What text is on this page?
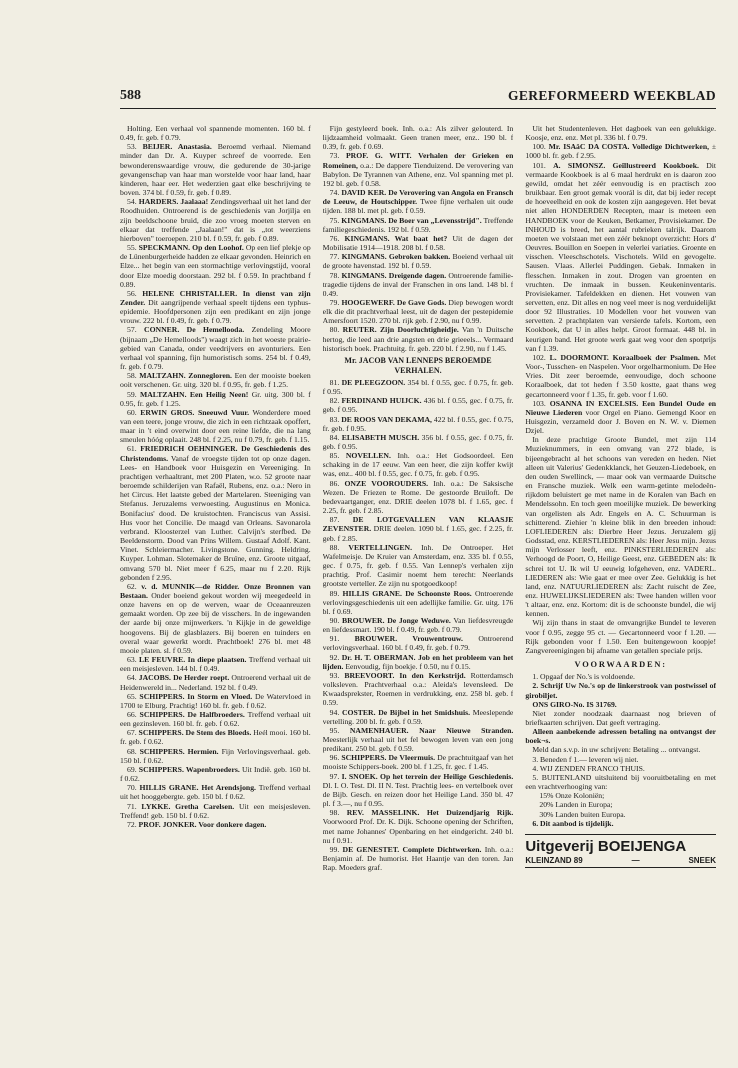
588	GEREFORMEERD WEEKBLAD

Holting. Een verhaal vol spannende momenten. 160 bl. f 0.49, fr. geb. f 0.79.

53. BEIJER. Anastasia. Beroemd verhaal. Niemand minder dan Dr. A. Kuyper schreef de voorrede. Een bewonderenswaardige vrouw, die gedurende de 30-jarige gevangenschap van haar man worstelde voor haar land, haar kinderen, haar eer. Het wederzien gaat elke beschrijving te boven. 374 bl. f 0.59, fr. geb. f 0.89.

54. HARDERS. Jaalaaa! Zendingsverhaal uit het land der Roodhuiden. Ontroerend is de geschiedenis van Jorjilja en zijn beeldschoone bruid, die zoo vroeg moeten sterven en elkaar dat treffende „Jaalaan!" dat is „tot weerziens hierboven" toeroepen. 210 bl. f 0.59, fr. geb. f 0.89.

55. SPECKMANN. Op den Loohof. Op een lief plekje op de Lünenburgerheide hadden ze elkaar gevonden. Heinrich en Elze... het begin van een stormachtige verlovingstijd, vooral door Elze moedig doorstaan. 292 bl. f 0.59. In prachtband f 0.89.

56. HELENE CHRISTALLER. In dienst van zijn Zender. Dit aangrijpende verhaal speelt tijdens een typhus-epidemie. Hoofdpersonen zijn een predikant en zijn jonge vrouw. 222 bl. f 0.49, fr. geb. f 0.79.

57. CONNER. De Hemellooda. Zendeling Moore (bijnaam „De Hemelloods") waagt zich in het woeste prairie-gebied van Canada, onder veedrijvers en avonturiers. Een verhaal vol spanning, fijn humoristisch soms. 254 bl. f 0.49, fr. geb. f 0.79.

58. MALTZAHN. Zonnegloren. Een der mooiste boeken ooit verschenen. Gr. uitg. 320 bl. f 0.95, fr. geb. f 1.25.

59. MALTZAHN. Een Heilig Neen! Gr. uitg. 300 bl. f 0.95, fr. geb. f 1.25.

60. ERWIN GROS. Sneeuwd Vuur. Wonderdere moed van een teere, jonge vrouw, die zich in een richtzaak opoffert, maar in 't eind overwint door een reine liefde, die na lang smeulen hóóg oplaait. 248 bl. f 2.25, nu f 0.79, fr. geb. f 1.15.

61. FRIEDRICH OEHNINGER. De Geschiedenis des Christendoms. Vanaf de vroegste tijden tot op onze dagen. Lees- en Handboek voor Huisgezin en Vereeniging. In prachtigen verhaaltrant, met 200 Platen, w.o. 52 groote naar beroemde schilderijen van Rafaël, Rubens, enz. o.a.: Nero in het Circus. Het laatste gebed der Martelaren. Steeniging van Stefanus. Jeruzalems verwoesting. Augustinus en Monica. Bonifacius' dood. De kruistochten. Franciscus van Assisi. Hus voor het Concilie. De maagd van Orleans. Savonarola verbrand. Kloosterzel van Luther. Calvijn's sterfbed. De Beeldenstorm. Dood van Prins Willem. Gustaaf Adolf. Kant. Vinet. Schleiermacher. Livingstone. Gunning. Heldring. Kuyper. Lohman. Slotemaker de Bruïne, enz. Groote uitgaaf, omvang 570 bl. Niet meer f 6.25, maar nu f 2.20. Rijk gebonden f 2.95.

62. v. d. MUNNIK—de Ridder. Onze Bronnen van Bestaan. Onder boeiend gekout worden wij meegedeeld in onze havens en op de werven, waar de Oceaanreuzen gemaakt worden. Op zee bij de visschers. In de ingewanden der aarde bij onze mijnwerkers. 'n Kijkje in de geweldige hoogovens. Bij de glasblazers. Bij boeren en tuinders en overal waar gewerkt wordt. Prachtboek! 276 bl. met 48 mooie platen. sl. f 0.59.

63. LE FEUVRE. In diepe plaatsen. Treffend verhaal uit een meisjesleven. 144 bl. f 0.49.

64. JACOBS. De Herder roept. Ontroerend verhaal uit de Heidenwereld in... Nederland. 192 bl. f 0.49.

65. SCHIPPERS. In Storm en Vloed. De Watervloed in 1700 te Elburg. Prachtig! 160 bl. fr. geb. f 0.62.

66. SCHIPPERS. De Halfbroeders. Treffend verhaal uit een gezinsleven. 160 bl. fr. geb. f 0.62.

67. SCHIPPERS. De Stem des Bloeds. Heél mooi. 160 bl. fr. geb. f 0.62.

68. SCHIPPERS. Hermien. Fijn Verlovingsverhaal. geb. 150 bl. f 0.62.

69. SCHIPPERS. Wapenbroeders. Uit Indië. geb. 160 bl. f 0.62.

70. HILLIS GRANE. Het Arendsjong. Treffend verhaal uit het hooggebergte. geb. 150 bl. f 0.62.

71. LYKKE. Gretha Carelsen. Uit een meisjesleven. Treffend! geb. 150 bl. f 0.62.

72. PROF. JONKER. Voor donkere dagen.

Fijn gestyleerd boek. Inh. o.a.: Als zilver gelouterd. In lijdzaamheid volmaakt. Geen tranen meer, enz.. 190 bl. f 0.39, fr. geb. f 0.69.

73. PROF. G. WITT. Verhalen der Grieken en Romeinen, o.a.: De dappere Tienduizend. De verovering van Babylon. De Tyrannen van Athene, enz. Vol spanning met pl. 192 bl. geb. f 0.58.

74. DAVID KER. De Verovering van Angola en Fransch de Leeuw, de Houtschipper. Twee fijne verhalen uit oude tijden. 188 bl. met pl. geb. f 0.59.

75. KINGMANS. De Boer van „Levensstrijd". Treffende familiegeschiedenis. 192 bl. f 0.59.

76. KINGMANS. Wat baat het? Uit de dagen der Mobilisatie 1914—1918. 208 bl. f 0.58.

77. KINGMANS. Gebroken bakken. Boeiend verhaal uit de groote havenstad. 192 bl. f 0.59.

78. KINGMANS. Dreigende dagen. Ontroerende familie-tragedie tijdens de inval der Franschen in ons land. 148 bl. f 0.49.

79. HOOGEWERF. De Gave Gods. Diep bewogen wordt elk die dit prachtverhaal leest, uit de dagen der pestepidemie Amersfoort 1520. 270 bl. rijk geb. f 2.90, nu f 0.99.

80. REUTER. Zijn Doorluchtigheidje. Van 'n Duitsche hertog, die leed aan drie angsten en drie grieeels... Vermaard historisch boek. Prachtuitg. fr. geb. 220 bl. f 2.90, nu f 1.45.

Mr. JACOB VAN LENNEPS BEROEMDE VERHALEN.

81. DE PLEEGZOON. 354 bl. f 0.55, gec. f 0.75, fr. geb. f 0.95.

82. FERDINAND HUIJCK. 436 bl. f 0.55, gec. f 0.75, fr. geb. f 0.95.

83. DE ROOS VAN DEKAMA, 422 bl. f 0.55, gec. f 0.75, fr. geb. f 0.95.

84. ELISABETH MUSCH. 356 bl. f 0.55, gec. f 0.75, fr. geb. f 0.95.

85. NOVELLEN. Inh. o.a.: Het Godsoordeel. Een schaking in de 17 eeuw. Van een heer, die zijn koffer kwijt was, enz.. 400 bl. f 0.55, gec. f 0.75, fr. geb. f 0.95.

86. ONZE VOOROUDERS. Inh. o.a.: De Saksische Wezen. De Friezen te Rome. De gestoorde Bruiloft. De bedevaartganger, enz. DRIE deelen 1078 bl. f 1.65, gec. f 2.25, fr. geb. f 2.85.

87. DE LOTGEVALLEN VAN KLAASJE ZEVENSTER. DRIE deelen. 1090 bl. f 1.65, gec. f 2.25, fr. geb. f 2.85.

88. VERTELLINGEN. Inh. De Ontroeper. Het Wafelmeisje. De Kruier van Amsterdam, enz. 335 bl. f 0.55, gec. f 0.75, fr. geb. f 0.55. Van Lennep's verhalen zijn prachtig. Prof. Casimir noemt hem terecht: Neerlands grootste verteller. Ze zijn nu spotgoedkoop!

89. HILLIS GRANE. De Schoonste Roos. Ontroerende verlovingsgeschiedenis uit een adellijke familie. Gr. uitg. 176 bl. f 0.69.

90. BROUWER. De Jonge Weduwe. Van liefdesvreugde en liefdessmart. 190 bl. f 0.49, fr. geb. f 0.79.

91. BROUWER. Vrouwentrouw. Ontroerend verlovingsverhaal. 160 bl. f 0.49, fr. geb. f 0.79.

92. Dr. H. T. OBERMAN. Job en het probleem van het lijden. Eenvoudig, fijn boekje. f 0.50, nu f 0.15.

93. BREEVOORT. In den Kerkstrijd. Rotterdamsch volksleven. Prachtverhaal o.a.: Aleida's levensleed. De Kwaadsprekster, Roemen in verdrukking, enz. 258 bl. geb. f 0.59.

94. COSTER. De Bijbel in het Smidshuis. Meeslepende vertelling. 200 bl. fr. geb. f 0.59.

95. NAMENHAUER. Naar Nieuwe Stranden. Meesterlijk verhaal uit het fel bewogen leven van een jong predikant. 250 bl. geb. f 0.59.

96. SCHIPPERS. De Vleermuis. De prachtuitgaaf van het mooiste Schippers-boek. 200 bl. f 1.25, fr. gec. f 1.45.

97. I. SNOEK. Op het terrein der Heilige Geschiedenis. Dl. I. O. Test. Dl. II N. Test. Prachtig lees- en vertelboek over de Bijb. Gesch. en reizen door het Heilige Land. 350 bl. 47 pl. f 3.—, nu f 0.95.

98. REV. MASSELINK. Het Duizendjarig Rijk. Voorwoord Prof. Dr. K. Dijk. Schoone opening der Schriften, met name Johannes' Openbaring en het eindgericht. 240 bl. nu f 0.91.

99. DE GENESTET. Complete Dichtwerken. Inh. o.a.: Benjamin af. De humorist. Het Haantje van den toren. Jan Rap. Moeders graf.

Uit het Studentenleven. Het dagboek van een gelukkige. Koosje, enz. enz. Met pl. 336 bl. f 0.79.

100. Mr. ISAäC DA COSTA. Volledige Dichtwerken, ± 1000 bl. fr. geb. f 2.95.

101. A. SIMONSZ. Geïllustreerd Kookboek. Dit vermaarde Kookboek is al 6 maal herdrukt en is daaron zoo gewild, omdat het zéér eenvoudig is en practisch zoo bruikbaar. Een groot gemak voorál is dit, dat bij ieder recept de hoeveelheid en ook de kosten zijn aangegeven. Het bevat niet allen HONDERDEN Recepten, maar is meteen een HANDBOEK voor de Keuken, Betkamer, Provisiekamer. De INHOUD is breed, het aantal rubrieken talrijk. Daarom moeten we volstaan met een zéér beknopt overzicht: Hors d' Oeuvres. Bouillon en Soepen in velerlei variaties. Groente en visschen. Vleeschschotels. Vischotels. Wild en gevogelte. Sausen. Vlaas. Allerlei Puddingen. Gebak. Inmaken in flesschen. Inmaken in zout. Drogen van groenten en vruchten. De inmaak in bussen. Keukeninventaris. Provisiekamer. Tafeldekken en dienen. Het vouwen van servetten, enz. Dit alles en nog veel meer is nog verduidelijkt door 92 Illustraties. 10 Modellen voor het vouwen van servetten. 2 prachtplaten van versierde tafels. Kortom, een Kookboek, dat U in alles helpt. Groot formaat. 448 bl. in keurigen band. Het groote werk gaat weg voor den spotprijs van f 1.39.

102. L. DOORMONT. Koraalboek der Psalmen. Met Voor-, Tusschen- en Naspelen. Voor orgelharmonium. De Hee Vries. Dit zeer beroemde, eenvoudige, doch schoone Koraalboek, dat tot heden f 3.50 kostte, gaat thans weg gecartonneerd voor f 1.35, fr. geb. voor f 1.60.

103. OSANNA IN EXCELSIS. Een Bundel Oude en Nieuwe Liederen voor Orgel en Piano. Gemengd Koor en Huisgezin, verzameld door J. Boven en N. W. v. Diemen Dzjel.

In deze prachtige Groote Bundel, met zijn 114 Muzieknummers, in een omvang van 272 blade, is bijeengebracht al het schoons van vereden en heden. Niet alleen uit Valerius' Gedenkklanck, het Geuzen-Liedeboek, en den ouden Swellinck, — maar ook van vermaarde Duitsche en Fransche muziek. Welk een warm-getinte melodeën-rijkdom beluistert ge met name in de Koralen van Bach en Mendelssohn. En toch geen moeilijke muziek. De bewerking van orgelisten als Adr. Engels en A. C. Schuurman is schitterend. Ziehier 'n kleine blik in den breeden inhoud: LOFLIEDEREN als: Dierbre Heer Jezus. Jeruzalem gij Godsstad, enz. KERSTLIEDEREN als: Heer Jesu mijn. Jezus mijn Verlosser leeft, enz. PINKSTERLIEDEREN als: Verhoogd de Poort, O, Heilige Geest, enz. GEBEDEN als: Ik schrei tot U. Ik wil U eeuwig lofgeheven, enz. VADERL. LIEDEREN als: Wie gaat er mee over Zee. Gelukkig is het land, enz. NATUURLIEDEREN als: Zacht ruischt de Zee, enz. HUWELIJKSLIEDEREN als: Twee handen willen voor 't altaar, enz. enz. Kortom: dit is de schoonste bundel, die wij kennen.

Wij zijn thans in staat de omvangrijke Bundel te leveren voor f 0.95, zegge 95 ct. — Gecartonneerd voor f 1.20. — Rijk gebonden voor f 1.50. Een buitengewoon koopje! Zangvereenigingen bij afname van getallen speciale prijs.

VOORWAARDEN:

1. Opgaaf der No.'s is voldoende.

2. Schrijf Uw No.'s op de linkerstrook van postwissel of girobiljet.

ONS GIRO-No. IS 31769.

Niet zonder noodzaak daarnaast nog brieven of briefkaarten schrijven. Dat geeft vertraging.

Alleen aanbekende adressen betaling na ontvangst der boek¬s.

Meld dan s.v.p. in uw schrijven: Betaling ... ontvangst.

3. Beneden f 1.— leveren wij niet.

4. WIJ ZENDEN FRANCO THUIS.

5. BUITENLAND uitsluitend bij vooruitbetaling en met een vrachtverhooging van:

15% Onze Koloniën;

20% Landen in Europa;

30% Landen buiten Europa.

6. Dit aanbod is tijdelijk.

Uitgeverij BOEIJENGA
KLEINZAND 89	—	SNEEK
